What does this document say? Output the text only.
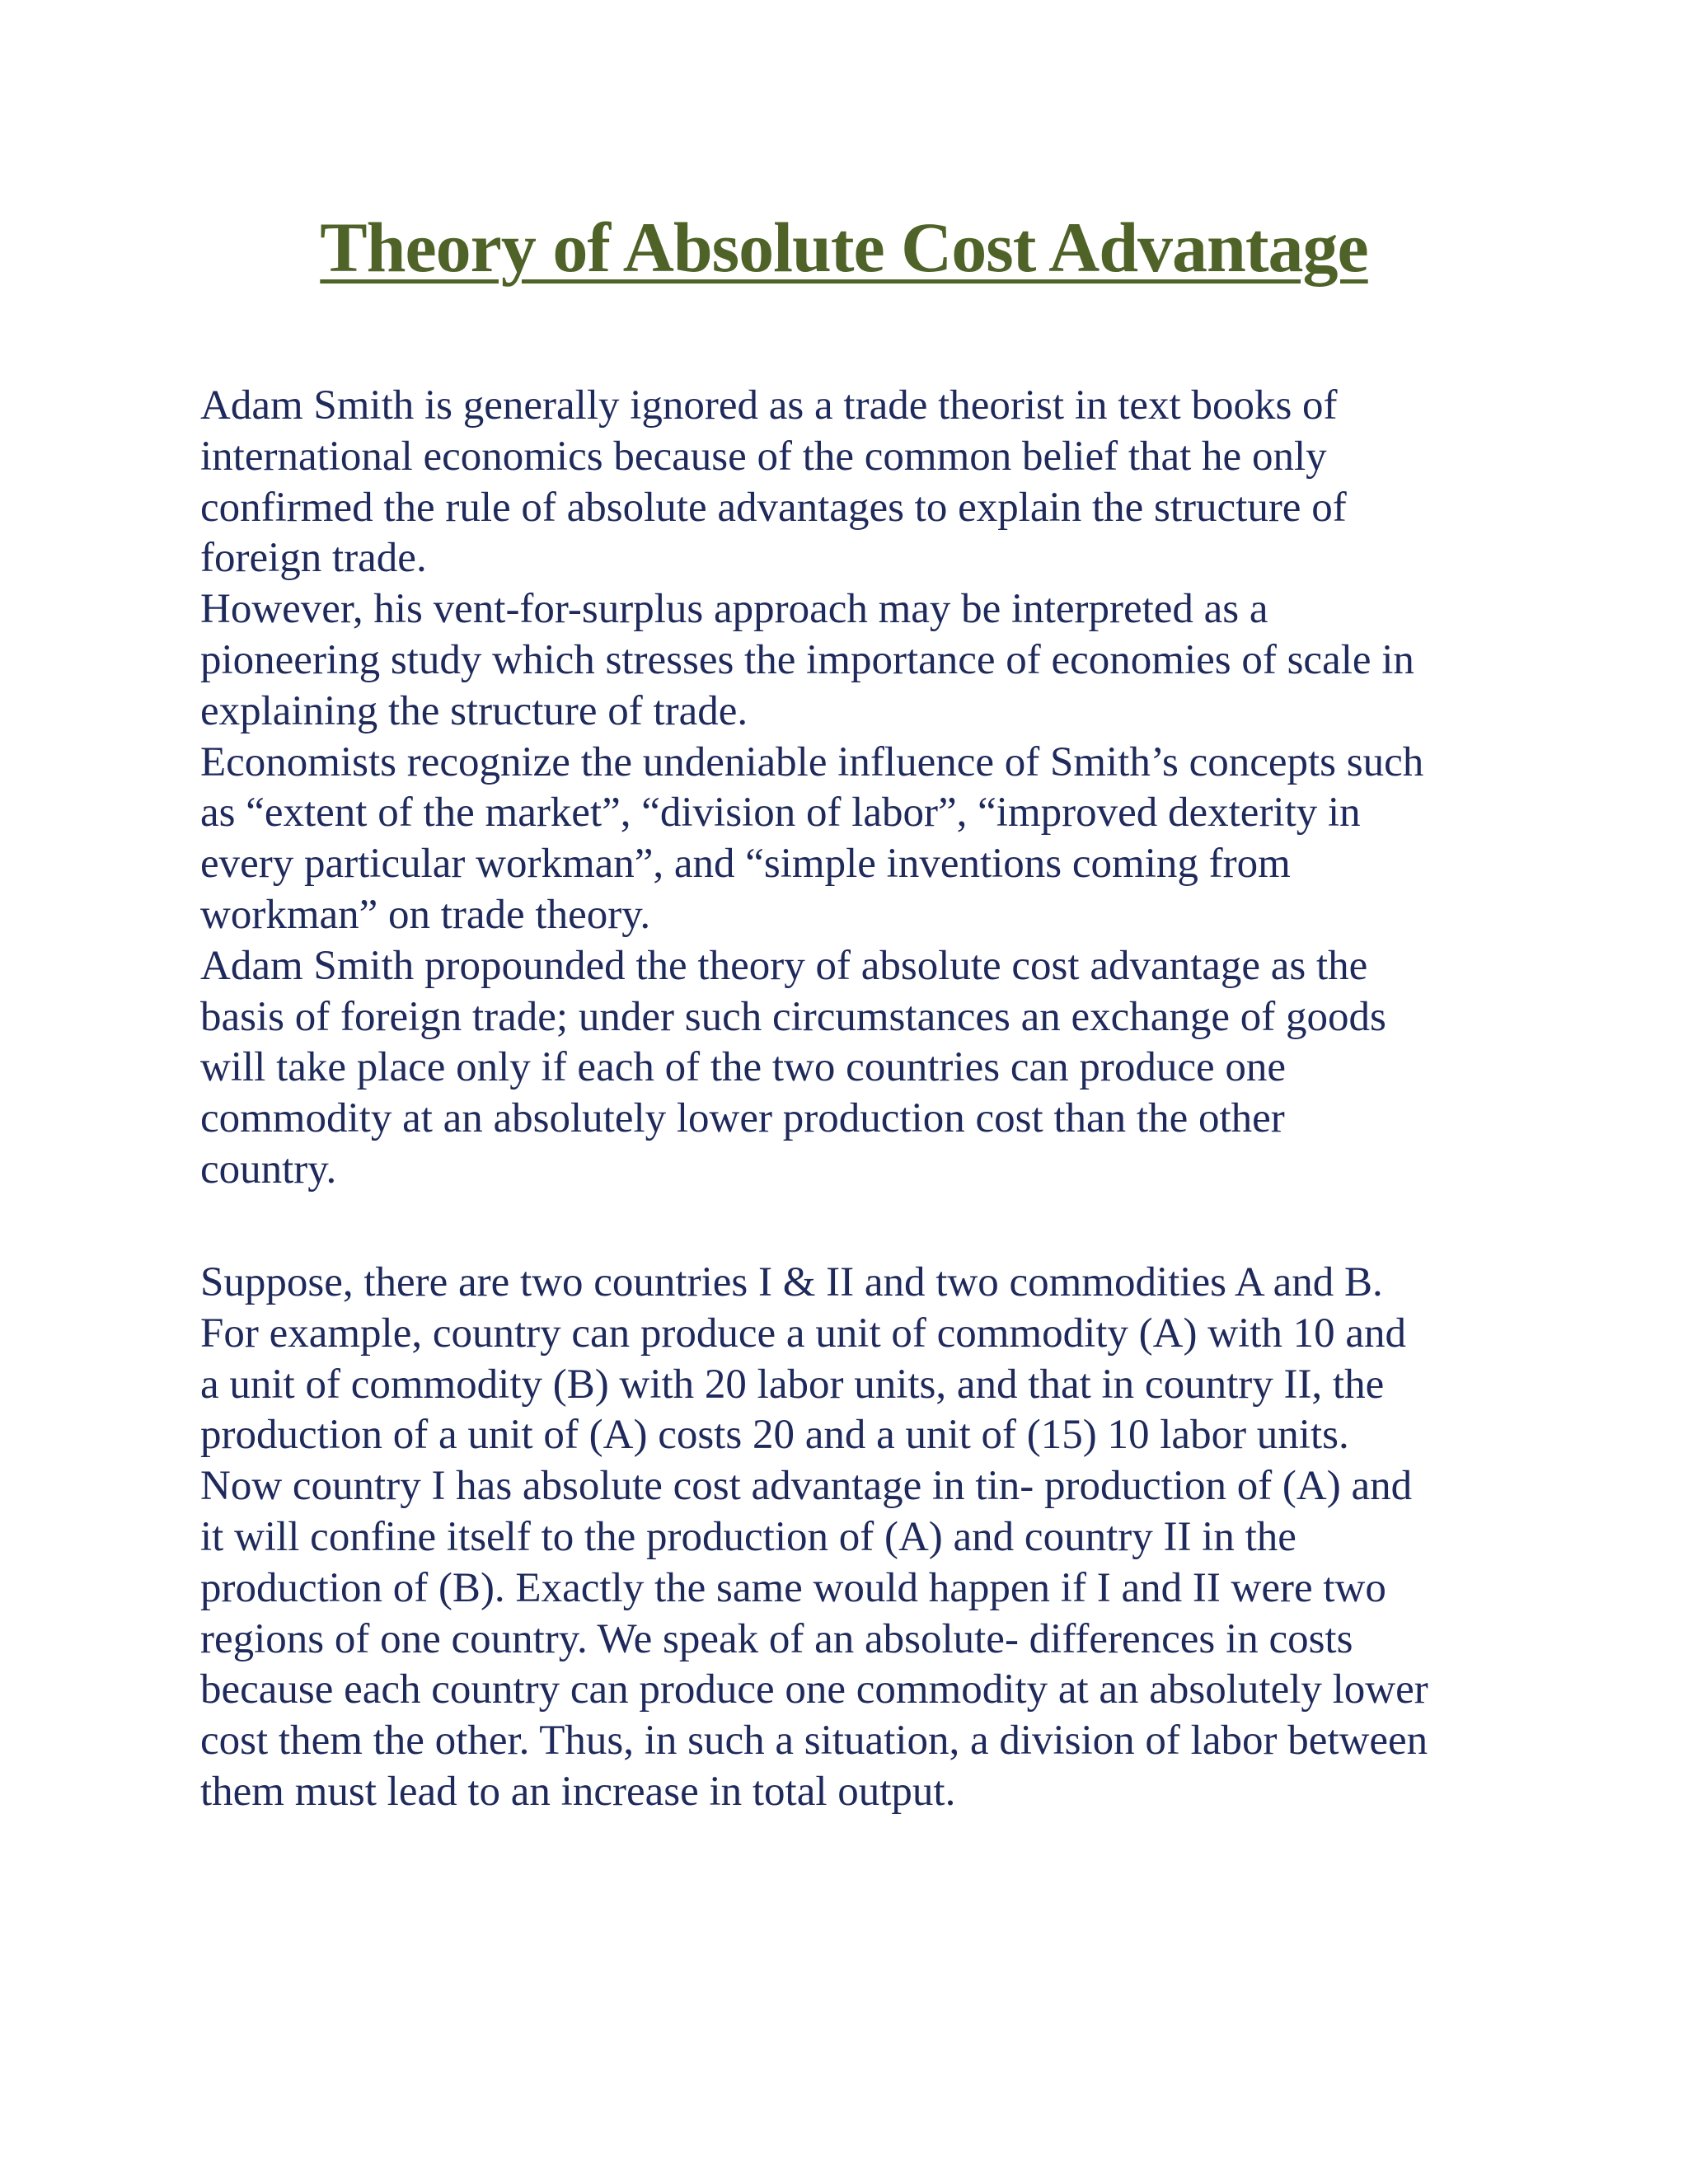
Theory of Absolute Cost Advantage

Adam Smith is generally ignored as a trade theorist in text books of
international economics because of the common belief that he only
confirmed the rule of absolute advantages to explain the structure of
foreign trade.

However, his vent-for-surplus approach may be interpreted as a
pioneering study which stresses the importance of economies of scale in
explaining the structure of trade.

Economists recognize the undeniable influence of Smith’s concepts such
as “extent of the market”, “division of labor”, “improved dexterity in
every particular workman”, and “simple inventions coming from
workman” on trade theory.

Adam Smith propounded the theory of absolute cost advantage as the
basis of foreign trade; under such circumstances an exchange of goods
will take place only if each of the two countries can produce one
commodity at an absolutely lower production cost than the other
country.

Suppose, there are two countries I & II and two commodities A and B.
For example, country can produce a unit of commodity (A) with 10 and
a unit of commodity (B) with 20 labor units, and that in country II, the
production of a unit of (A) costs 20 and a unit of (15) 10 labor units.
Now country I has absolute cost advantage in tin- production of (A) and
it will confine itself to the production of (A) and country II in the
production of (B). Exactly the same would happen if I and II were two
regions of one country. We speak of an absolute- differences in costs
because each country can produce one commodity at an absolutely lower
cost them the other. Thus, in such a situation, a division of labor between
them must lead to an increase in total output.
